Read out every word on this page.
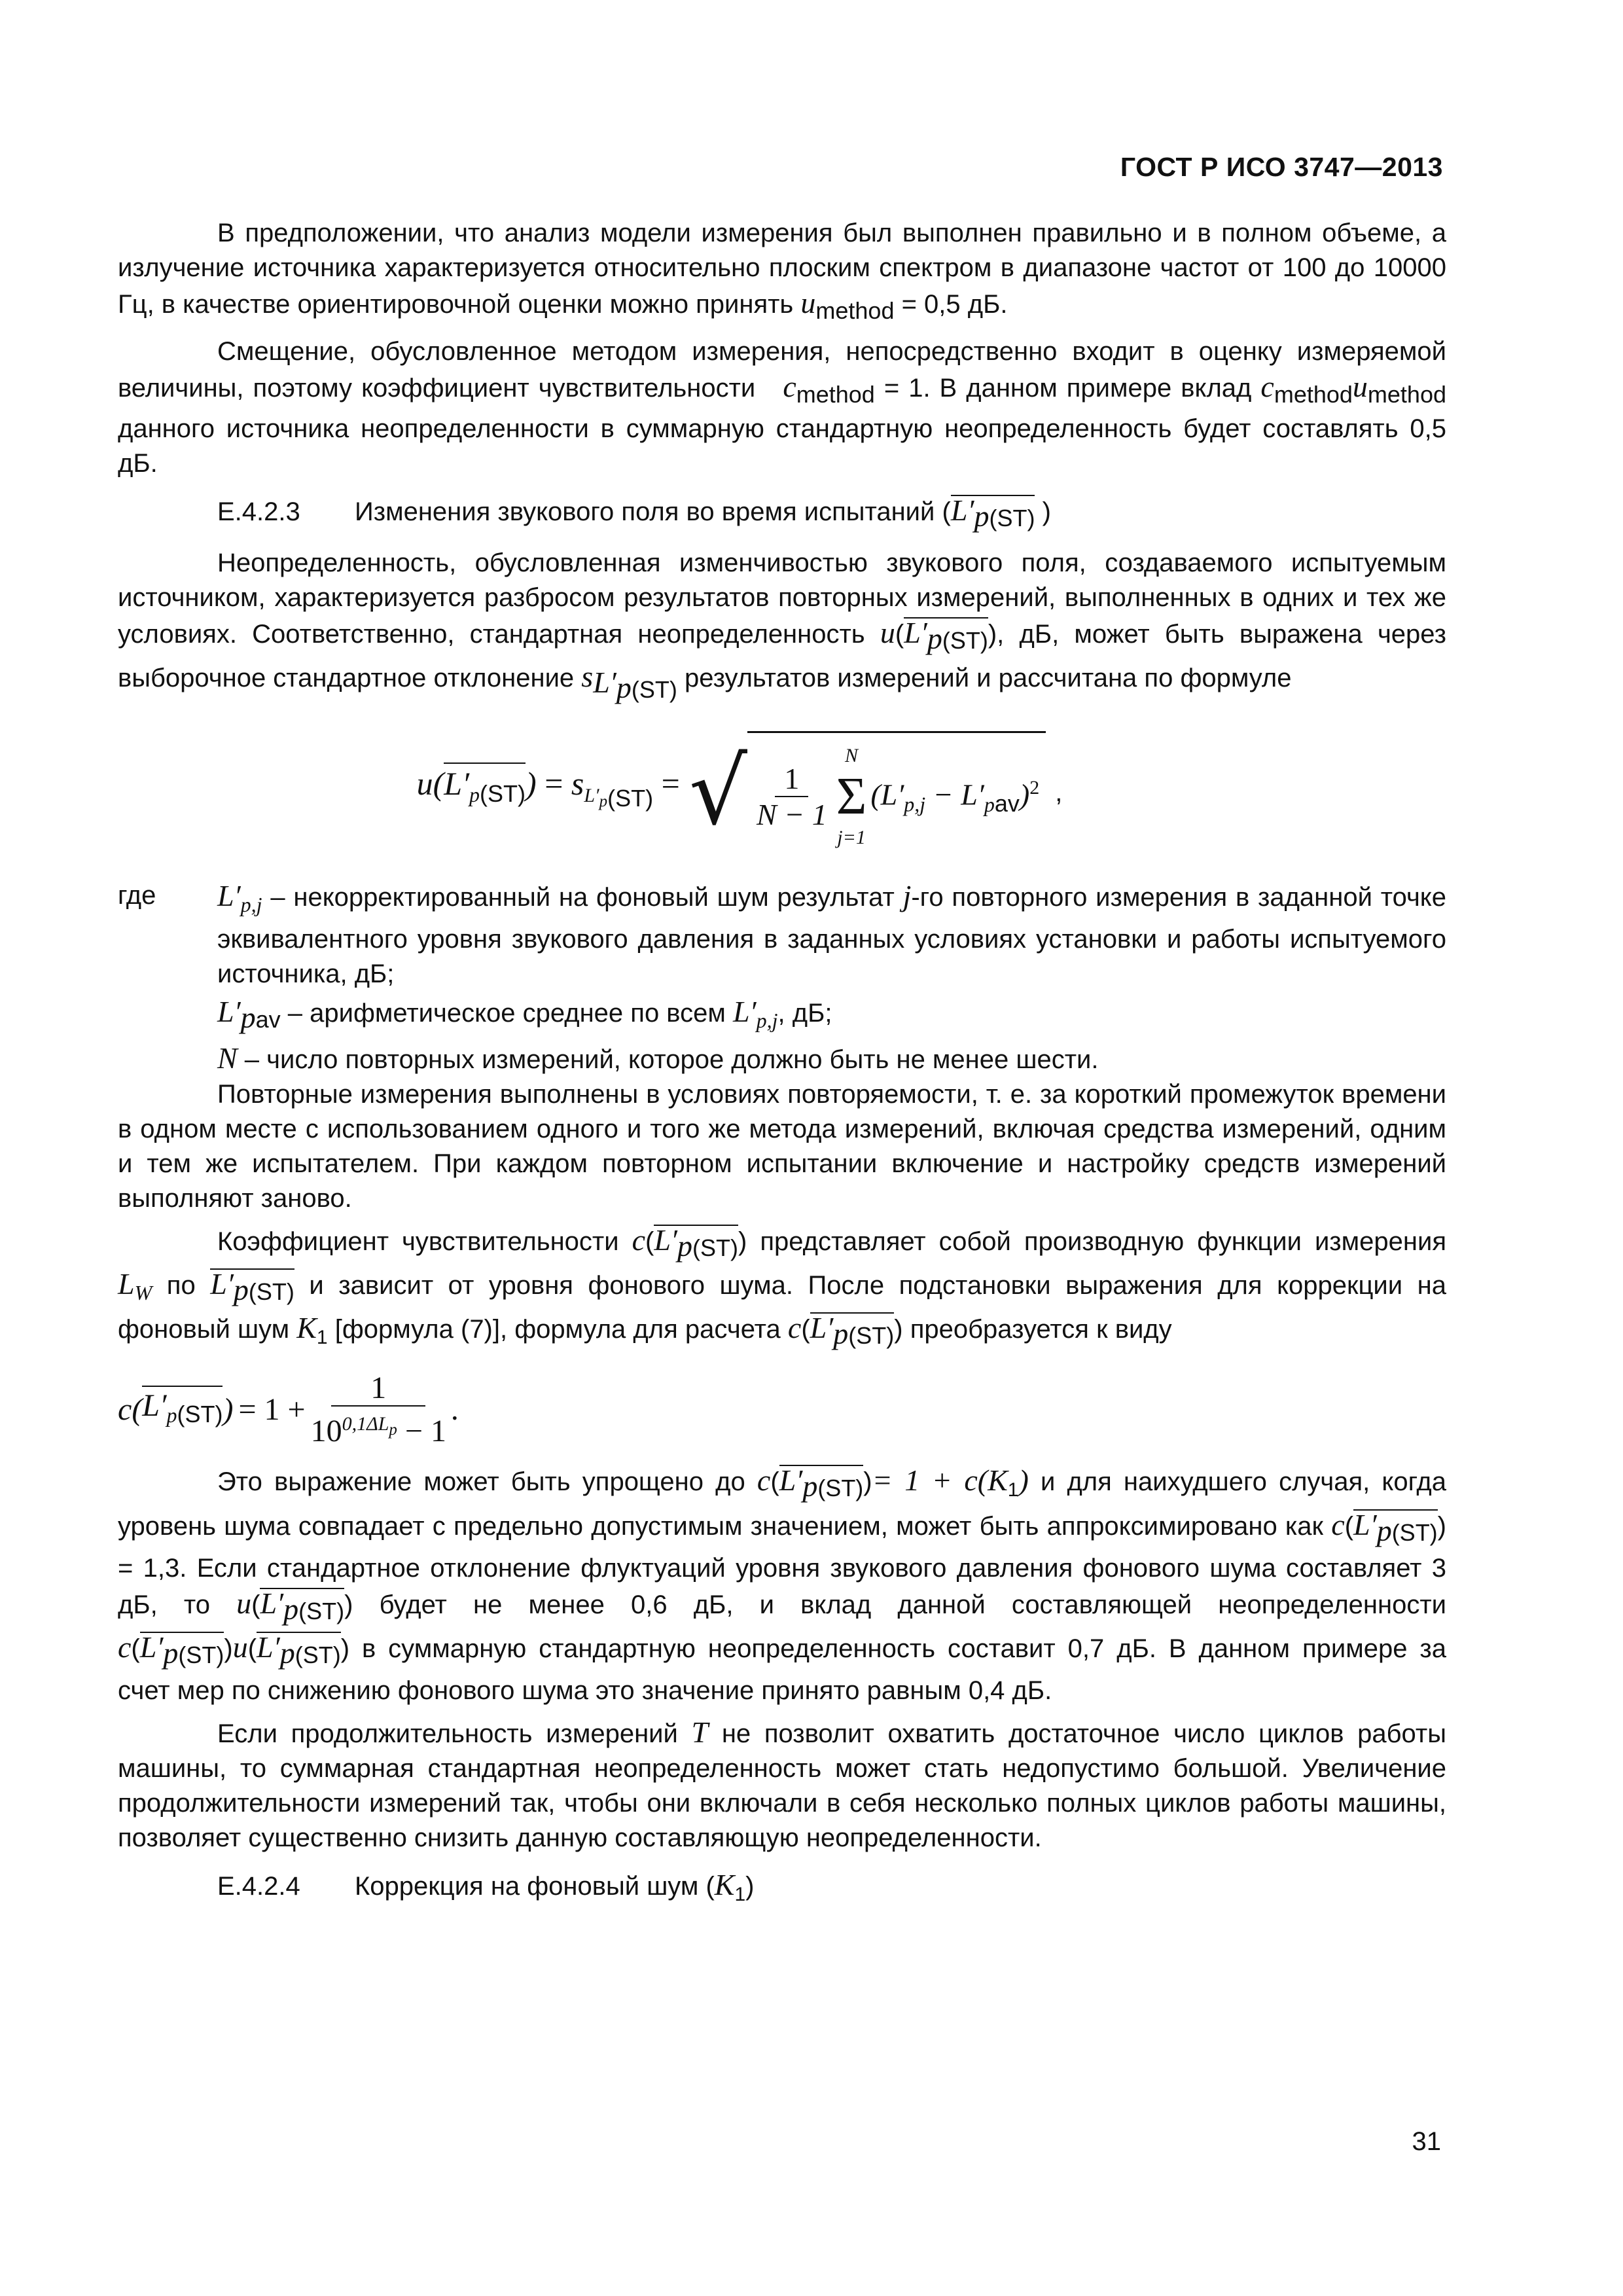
ГОСТ Р ИСО 3747—2013

В предположении, что анализ модели измерения был выполнен правильно и в полном объеме, а излучение источника характеризуется относительно плоским спектром в диапазоне частот от 100 до 10000 Гц, в качестве ориентировочной оценки можно принять $u_{method} = 0,5$ дБ.

Смещение, обусловленное методом измерения, непосредственно входит в оценку измеряемой величины, поэтому коэффициент чувствительности $c_{method} = 1$. В данном примере вклад $c_{method}u_{method}$ данного источника неопределенности в суммарную стандартную неопределенность будет составлять 0,5 дБ.

Е.4.2.3 Изменения звукового поля во время испытаний ($L'_{p(ST)}$ )

Неопределенность, обусловленная изменчивостью звукового поля, создаваемого испытуемым источником, характеризуется разбросом результатов повторных измерений, выполненных в одних и тех же условиях. Соответственно, стандартная неопределенность $u(L'_{p(ST)})$, дБ, может быть выражена через выборочное стандартное отклонение $s_{L'_{p(ST)}}$ результатов измерений и рассчитана по формуле

$u(L'_{p(ST)}) = s_{L'_{p(ST)}}$ = √ $\frac{1}{N - 1}$
N
Σ
j=1
$(L'_{p,j} - L'_{pav})^2$ ,
где	$L'_{p,j}$ – некорректированный на фоновый шум результат j-го повторного измерения в заданной точке эквивалентного уровня звукового давления в заданных условиях установки и работы испытуемого источника, дБ;
$L'_{pav}$ – арифметическое среднее по всем $L'_{p,j}$, дБ;
N – число повторных измерений, которое должно быть не менее шести.

Повторные измерения выполнены в условиях повторяемости, т. е. за короткий промежуток времени в одном месте с использованием одного и того же метода измерений, включая средства измерений, одним и тем же испытателем. При каждом повторном испытании включение и настройку средств измерений выполняют заново.

Коэффициент чувствительности $c(L'_{p(ST)})$ представляет собой производную функции измерения $L_W$ по $L'_{p(ST)}$ и зависит от уровня фонового шума. После подстановки выражения для коррекции на фоновый шум $K_1$ [формула (7)], формула для расчета $c(L'_{p(ST)})$ преобразуется к виду

c ( $L'_{p(ST)}$ ) = $1 + \frac{1}{10^{0,1\Delta L_p} - 1}$ .

Это выражение может быть упрощено до $c(L'_{p(ST)})= 1 + c(K_1)$ и для наихудшего случая, когда уровень шума совпадает с предельно допустимым значением, может быть аппроксимировано как $c(L'_{p(ST)}) = 1,3$. Если стандартное отклонение флуктуаций уровня звукового давления фонового шума составляет 3 дБ, то $u(L'_{p(ST)})$ будет не менее 0,6 дБ, и вклад данной составляющей неопределенности $c(L'_{p(ST)})u(L'_{p(ST)})$ в суммарную стандартную неопределенность составит 0,7 дБ. В данном примере за счет мер по снижению фонового шума это значение принято равным 0,4 дБ.

Если продолжительность измерений T не позволит охватить достаточное число циклов работы машины, то суммарная стандартная неопределенность может стать недопустимо большой. Увеличение продолжительности измерений так, чтобы они включали в себя несколько полных циклов работы машины, позволяет существенно снизить данную составляющую неопределенности.

Е.4.2.4 Коррекция на фоновый шум $(K_1)$
31
